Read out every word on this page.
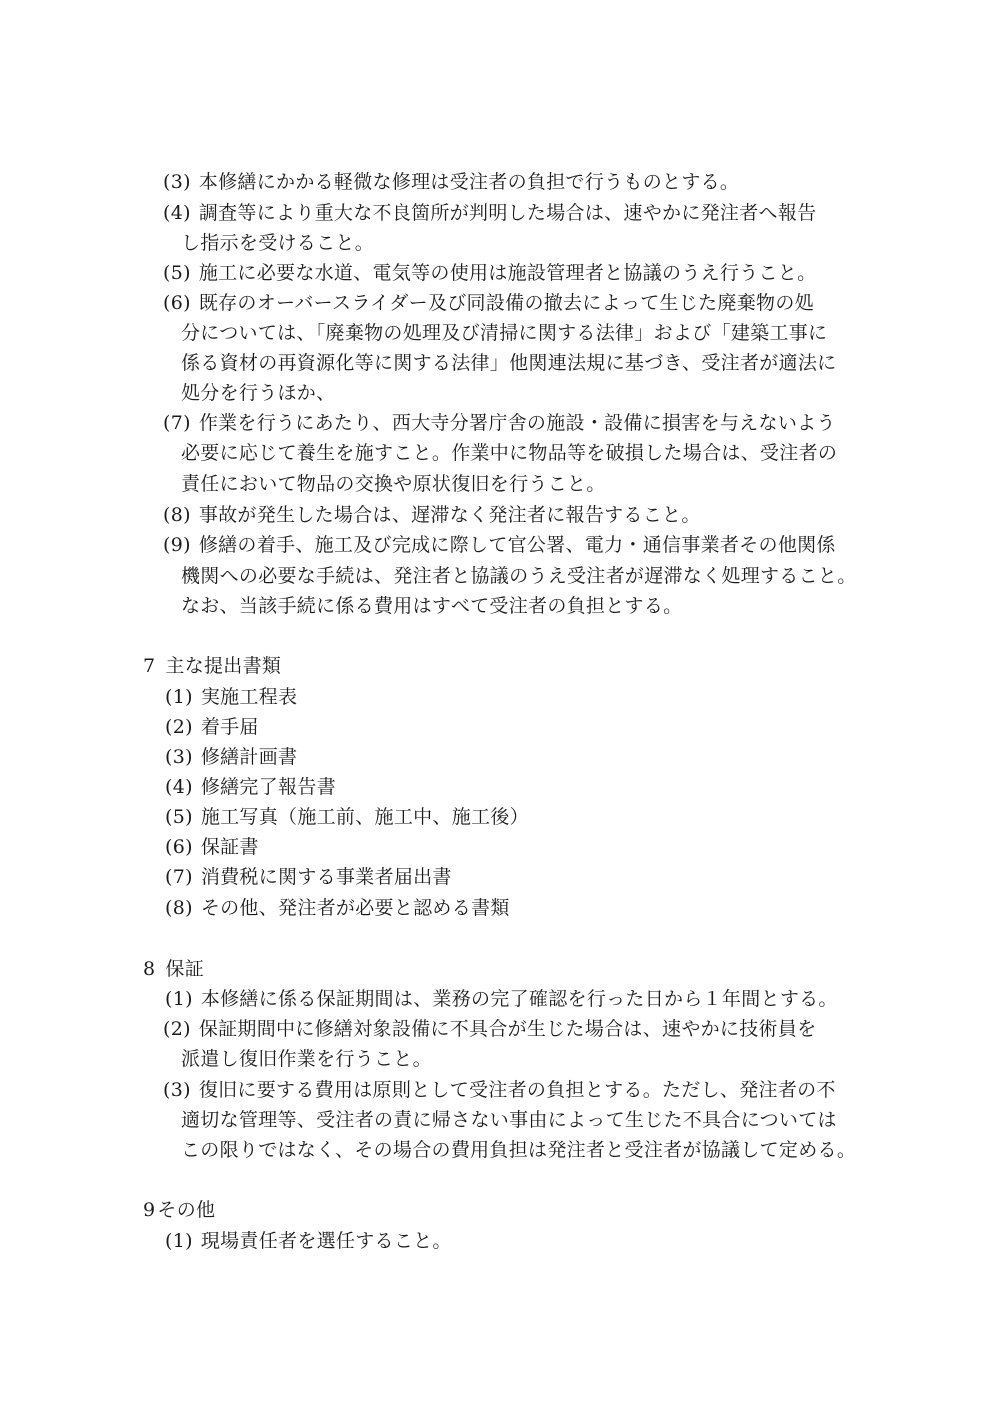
(3) 本修繕にかかる軽微な修理は受注者の負担で行うものとする。
(4) 調査等により重大な不良箇所が判明した場合は、速やかに発注者へ報告
し指示を受けること。
(5) 施工に必要な水道、電気等の使用は施設管理者と協議のうえ行うこと。
(6) 既存のオーバースライダー及び同設備の撤去によって生じた廃棄物の処
分については、「廃棄物の処理及び清掃に関する法律」および「建築工事に
係る資材の再資源化等に関する法律」他関連法規に基づき、受注者が適法に
処分を行うほか、
(7) 作業を行うにあたり、西大寺分署庁舎の施設・設備に損害を与えないよう
必要に応じて養生を施すこと。作業中に物品等を破損した場合は、受注者の
責任において物品の交換や原状復旧を行うこと。
(8) 事故が発生した場合は、遅滞なく発注者に報告すること。
(9) 修繕の着手、施工及び完成に際して官公署、電力・通信事業者その他関係
機関への必要な手続は、発注者と協議のうえ受注者が遅滞なく処理すること。
なお、当該手続に係る費用はすべて受注者の負担とする。
7 主な提出書類
(1) 実施工程表
(2) 着手届
(3) 修繕計画書
(4) 修繕完了報告書
(5) 施工写真（施工前、施工中、施工後）
(6) 保証書
(7) 消費税に関する事業者届出書
(8) その他、発注者が必要と認める書類
8 保証
(1) 本修繕に係る保証期間は、業務の完了確認を行った日から１年間とする。
(2) 保証期間中に修繕対象設備に不具合が生じた場合は、速やかに技術員を
派遣し復旧作業を行うこと。
(3) 復旧に要する費用は原則として受注者の負担とする。ただし、発注者の不
適切な管理等、受注者の責に帰さない事由によって生じた不具合については
この限りではなく、その場合の費用負担は発注者と受注者が協議して定める。
9 その他
(1) 現場責任者を選任すること。
